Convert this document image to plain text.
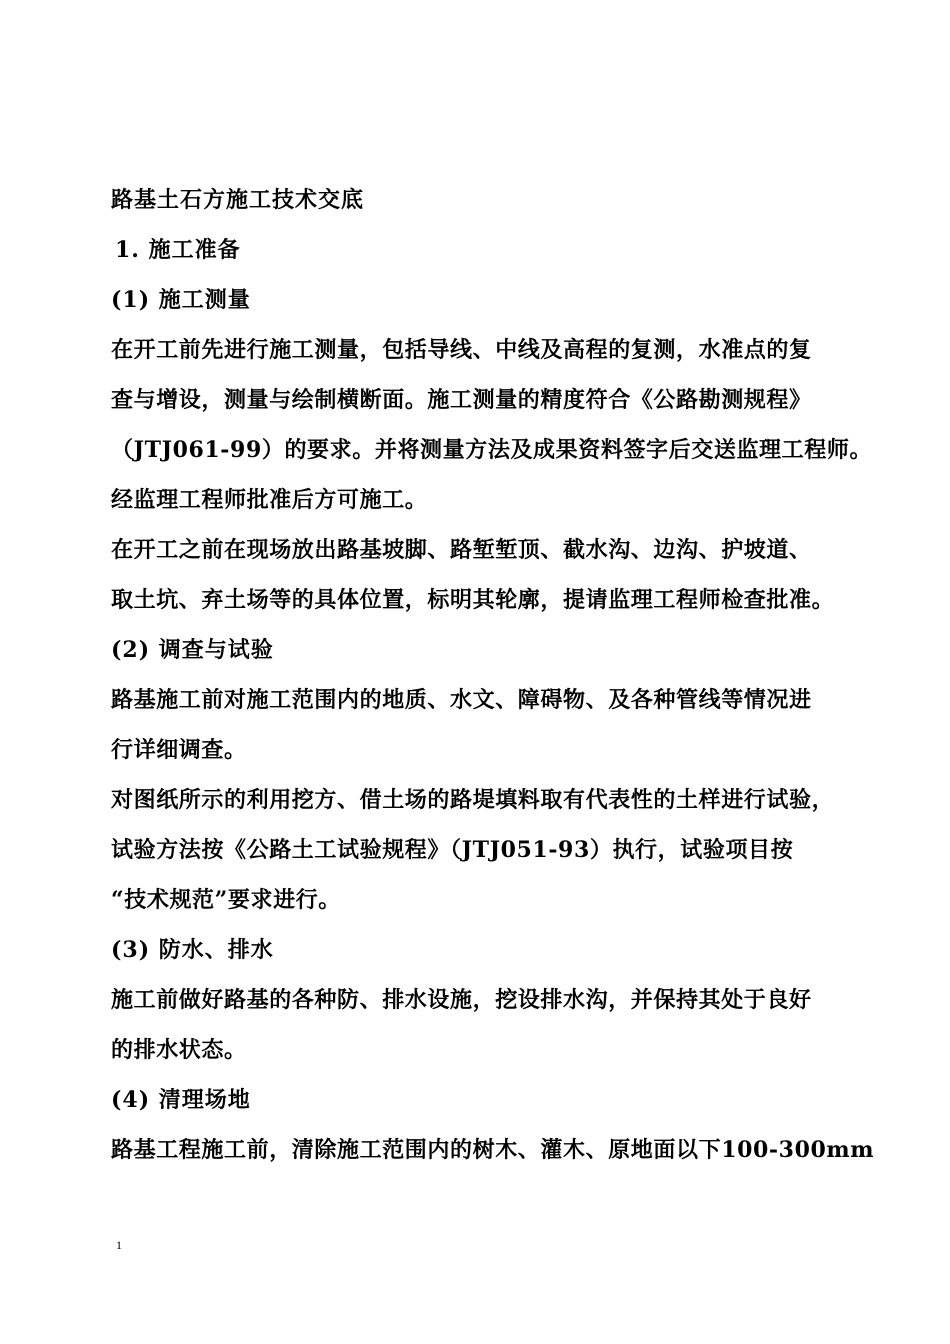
路基土石方施工技术交底
1. 施工准备
(1) 施工测量
在开工前先进行施工测量，包括导线、中线及高程的复测，水准点的复
查与增设，测量与绘制横断面。施工测量的精度符合《公路勘测规程》
（JTJ061-99）的要求。并将测量方法及成果资料签字后交送监理工程师。
经监理工程师批准后方可施工。
在开工之前在现场放出路基坡脚、路堑堑顶、截水沟、边沟、护坡道、
取土坑、弃土场等的具体位置，标明其轮廓，提请监理工程师检查批准。
(2) 调查与试验
路基施工前对施工范围内的地质、水文、障碍物、及各种管线等情况进
行详细调查。
对图纸所示的利用挖方、借土场的路堤填料取有代表性的土样进行试验，
试验方法按《公路土工试验规程》（JTJ051-93）执行，试验项目按
“技术规范”要求进行。
(3) 防水、排水
施工前做好路基的各种防、排水设施，挖设排水沟，并保持其处于良好
的排水状态。
(4) 清理场地
路基工程施工前，清除施工范围内的树木、灌木、原地面以下100-300mm
1
